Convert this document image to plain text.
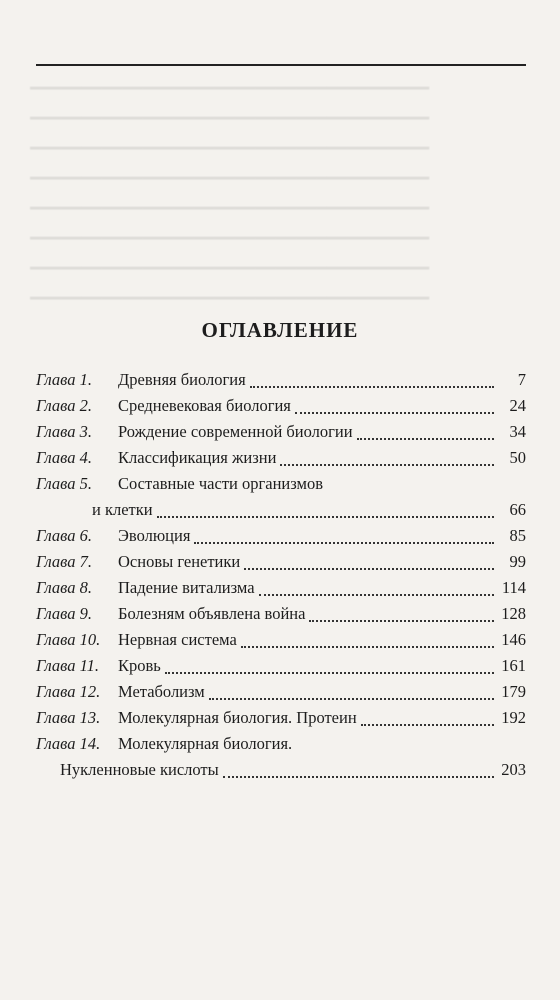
━━━━━━━━━━━━━━━━━━━━━━━━━━━━━━━━━━━━━━━
━━━━━━━━━━━━━━━━━━━━━━━━━━━━━━━━━━━━━━━
━━━━━━━━━━━━━━━━━━━━━━━━━━━━━━━━━━━━━━━
━━━━━━━━━━━━━━━━━━━━━━━━━━━━━━━━━━━━━━━
━━━━━━━━━━━━━━━━━━━━━━━━━━━━━━━━━━━━━━━
━━━━━━━━━━━━━━━━━━━━━━━━━━━━━━━━━━━━━━━
━━━━━━━━━━━━━━━━━━━━━━━━━━━━━━━━━━━━━━━
━━━━━━━━━━━━━━━━━━━━━━━━━━━━━━━━━━━━━━━
ОГЛАВЛЕНИЕ
Глава 1.	Древняя биология	7
Глава 2.	Средневековая биология	24
Глава 3.	Рождение современной биологии	34
Глава 4.	Классификация жизни	50
Глава 5.	Составные части организмов
и клетки	66
Глава 6.	Эволюция	85
Глава 7.	Основы генетики	99
Глава 8.	Падение витализма	114
Глава 9.	Болезням объявлена война	128
Глава 10.	Нервная система	146
Глава 11.	Кровь	161
Глава 12.	Метаболизм	179
Глава 13.	Молекулярная биология. Протеин	192
Глава 14.	Молекулярная биология.
Нукленновые кислоты	203
